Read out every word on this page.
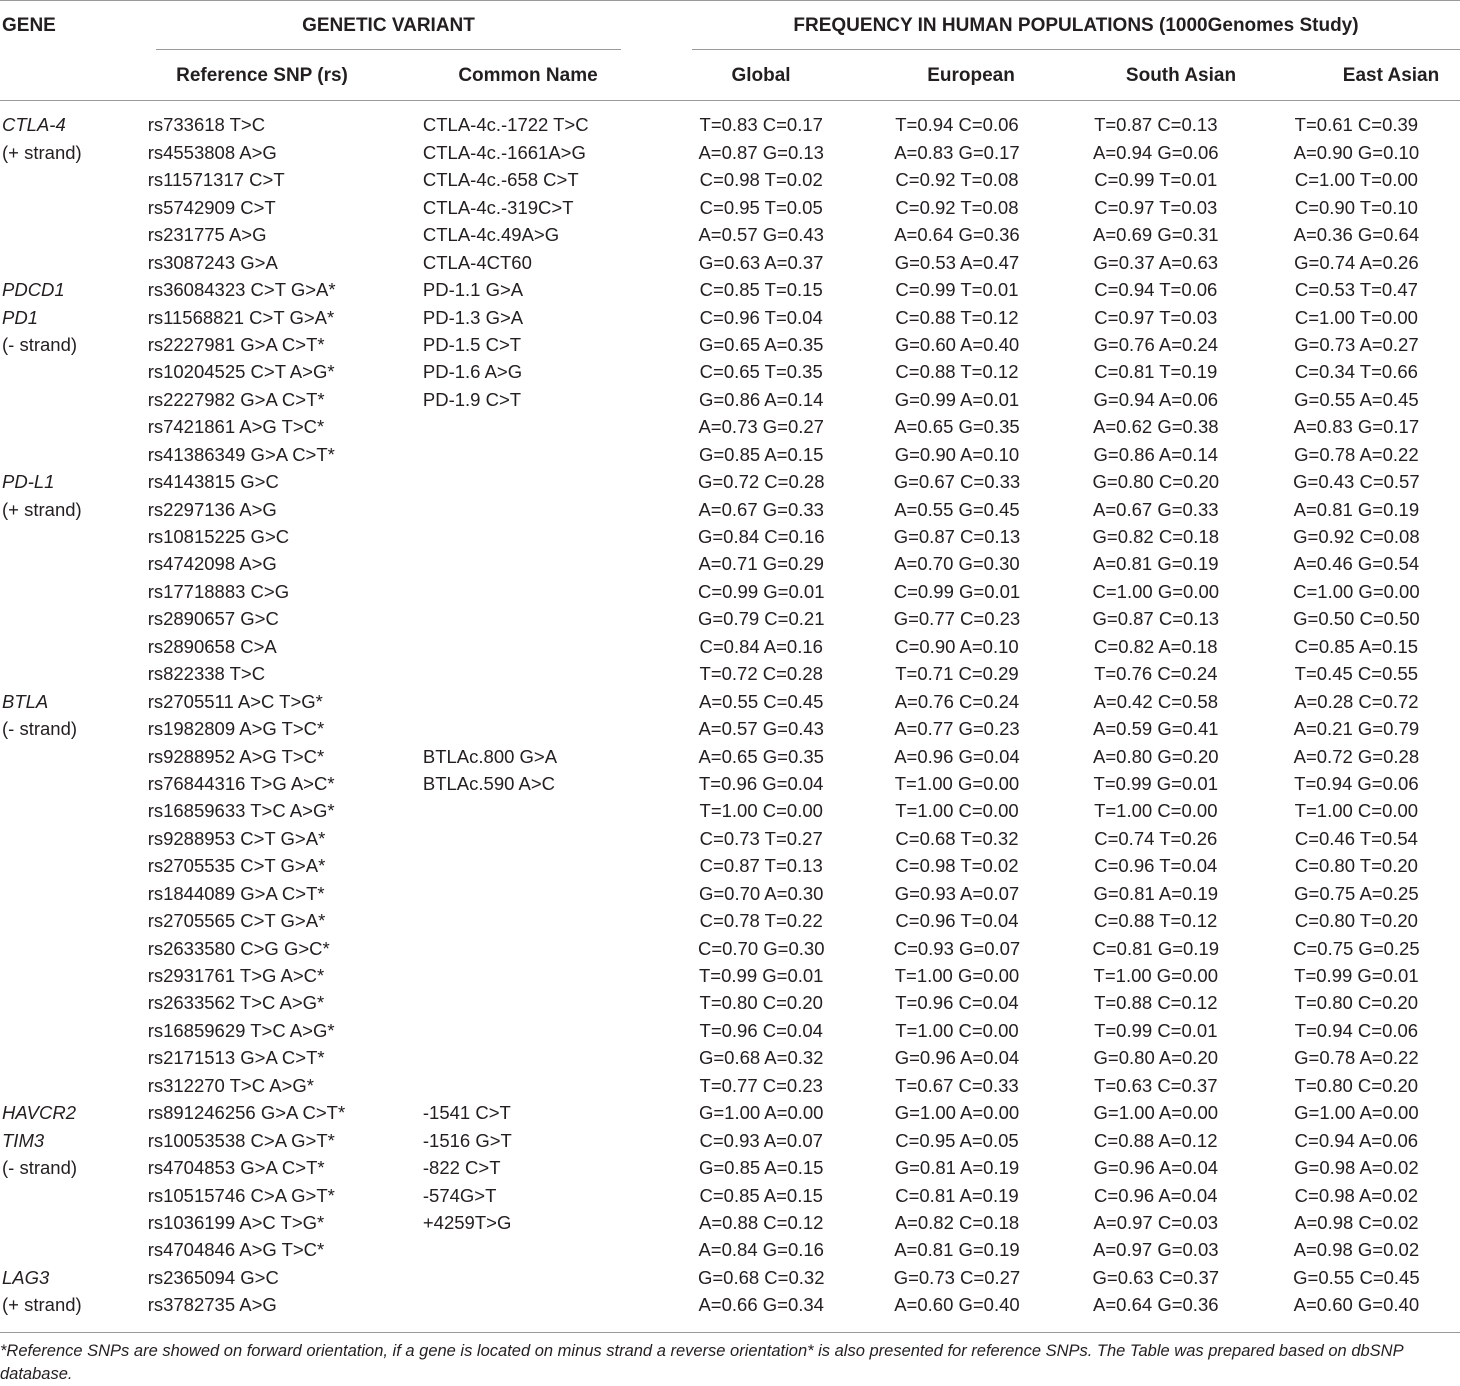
GENE	GENETIC VARIANT	FREQUENCY IN HUMAN POPULATIONS (1000Genomes Study)
Reference SNP (rs)	Common Name	Global	European	South Asian	East Asian
CTLA-4	rs733618 T>C	CTLA-4c.-1722 T>C	T=0.83 C=0.17	T=0.94 C=0.06	T=0.87 C=0.13	T=0.61 C=0.39
(+ strand)	rs4553808 A>G	CTLA-4c.-1661A>G	A=0.87 G=0.13	A=0.83 G=0.17	A=0.94 G=0.06	A=0.90 G=0.10
	rs11571317 C>T	CTLA-4c.-658 C>T	C=0.98 T=0.02	C=0.92 T=0.08	C=0.99 T=0.01	C=1.00 T=0.00
	rs5742909 C>T	CTLA-4c.-319C>T	C=0.95 T=0.05	C=0.92 T=0.08	C=0.97 T=0.03	C=0.90 T=0.10
	rs231775 A>G	CTLA-4c.49A>G	A=0.57 G=0.43	A=0.64 G=0.36	A=0.69 G=0.31	A=0.36 G=0.64
	rs3087243 G>A	CTLA-4CT60	G=0.63 A=0.37	G=0.53 A=0.47	G=0.37 A=0.63	G=0.74 A=0.26
PDCD1	rs36084323 C>T G>A*	PD-1.1 G>A	C=0.85 T=0.15	C=0.99 T=0.01	C=0.94 T=0.06	C=0.53 T=0.47
PD1	rs11568821 C>T G>A*	PD-1.3 G>A	C=0.96 T=0.04	C=0.88 T=0.12	C=0.97 T=0.03	C=1.00 T=0.00
(- strand)	rs2227981 G>A C>T*	PD-1.5 C>T	G=0.65 A=0.35	G=0.60 A=0.40	G=0.76 A=0.24	G=0.73 A=0.27
	rs10204525 C>T A>G*	PD-1.6 A>G	C=0.65 T=0.35	C=0.88 T=0.12	C=0.81 T=0.19	C=0.34 T=0.66
	rs2227982 G>A C>T*	PD-1.9 C>T	G=0.86 A=0.14	G=0.99 A=0.01	G=0.94 A=0.06	G=0.55 A=0.45
	rs7421861 A>G T>C*		A=0.73 G=0.27	A=0.65 G=0.35	A=0.62 G=0.38	A=0.83 G=0.17
	rs41386349 G>A C>T*		G=0.85 A=0.15	G=0.90 A=0.10	G=0.86 A=0.14	G=0.78 A=0.22
PD-L1	rs4143815 G>C		G=0.72 C=0.28	G=0.67 C=0.33	G=0.80 C=0.20	G=0.43 C=0.57
(+ strand)	rs2297136 A>G		A=0.67 G=0.33	A=0.55 G=0.45	A=0.67 G=0.33	A=0.81 G=0.19
	rs10815225 G>C		G=0.84 C=0.16	G=0.87 C=0.13	G=0.82 C=0.18	G=0.92 C=0.08
	rs4742098 A>G		A=0.71 G=0.29	A=0.70 G=0.30	A=0.81 G=0.19	A=0.46 G=0.54
	rs17718883 C>G		C=0.99 G=0.01	C=0.99 G=0.01	C=1.00 G=0.00	C=1.00 G=0.00
	rs2890657 G>C		G=0.79 C=0.21	G=0.77 C=0.23	G=0.87 C=0.13	G=0.50 C=0.50
	rs2890658 C>A		C=0.84 A=0.16	C=0.90 A=0.10	C=0.82 A=0.18	C=0.85 A=0.15
	rs822338 T>C		T=0.72 C=0.28	T=0.71 C=0.29	T=0.76 C=0.24	T=0.45 C=0.55
BTLA	rs2705511 A>C T>G*		A=0.55 C=0.45	A=0.76 C=0.24	A=0.42 C=0.58	A=0.28 C=0.72
(- strand)	rs1982809 A>G T>C*		A=0.57 G=0.43	A=0.77 G=0.23	A=0.59 G=0.41	A=0.21 G=0.79
	rs9288952 A>G T>C*	BTLAc.800 G>A	A=0.65 G=0.35	A=0.96 G=0.04	A=0.80 G=0.20	A=0.72 G=0.28
	rs76844316 T>G A>C*	BTLAc.590 A>C	T=0.96 G=0.04	T=1.00 G=0.00	T=0.99 G=0.01	T=0.94 G=0.06
	rs16859633 T>C A>G*		T=1.00 C=0.00	T=1.00 C=0.00	T=1.00 C=0.00	T=1.00 C=0.00
	rs9288953 C>T G>A*		C=0.73 T=0.27	C=0.68 T=0.32	C=0.74 T=0.26	C=0.46 T=0.54
	rs2705535 C>T G>A*		C=0.87 T=0.13	C=0.98 T=0.02	C=0.96 T=0.04	C=0.80 T=0.20
	rs1844089 G>A C>T*		G=0.70 A=0.30	G=0.93 A=0.07	G=0.81 A=0.19	G=0.75 A=0.25
	rs2705565 C>T G>A*		C=0.78 T=0.22	C=0.96 T=0.04	C=0.88 T=0.12	C=0.80 T=0.20
	rs2633580 C>G G>C*		C=0.70 G=0.30	C=0.93 G=0.07	C=0.81 G=0.19	C=0.75 G=0.25
	rs2931761 T>G A>C*		T=0.99 G=0.01	T=1.00 G=0.00	T=1.00 G=0.00	T=0.99 G=0.01
	rs2633562 T>C A>G*		T=0.80 C=0.20	T=0.96 C=0.04	T=0.88 C=0.12	T=0.80 C=0.20
	rs16859629 T>C A>G*		T=0.96 C=0.04	T=1.00 C=0.00	T=0.99 C=0.01	T=0.94 C=0.06
	rs2171513 G>A C>T*		G=0.68 A=0.32	G=0.96 A=0.04	G=0.80 A=0.20	G=0.78 A=0.22
	rs312270 T>C A>G*		T=0.77 C=0.23	T=0.67 C=0.33	T=0.63 C=0.37	T=0.80 C=0.20
HAVCR2	rs891246256 G>A C>T*	-1541 C>T	G=1.00 A=0.00	G=1.00 A=0.00	G=1.00 A=0.00	G=1.00 A=0.00
TIM3	rs10053538 C>A G>T*	-1516 G>T	C=0.93 A=0.07	C=0.95 A=0.05	C=0.88 A=0.12	C=0.94 A=0.06
(- strand)	rs4704853 G>A C>T*	-822 C>T	G=0.85 A=0.15	G=0.81 A=0.19	G=0.96 A=0.04	G=0.98 A=0.02
	rs10515746 C>A G>T*	-574G>T	C=0.85 A=0.15	C=0.81 A=0.19	C=0.96 A=0.04	C=0.98 A=0.02
	rs1036199 A>C T>G*	+4259T>G	A=0.88 C=0.12	A=0.82 C=0.18	A=0.97 C=0.03	A=0.98 C=0.02
	rs4704846 A>G T>C*		A=0.84 G=0.16	A=0.81 G=0.19	A=0.97 G=0.03	A=0.98 G=0.02
LAG3	rs2365094 G>C		G=0.68 C=0.32	G=0.73 C=0.27	G=0.63 C=0.37	G=0.55 C=0.45
(+ strand)	rs3782735 A>G		A=0.66 G=0.34	A=0.60 G=0.40	A=0.64 G=0.36	A=0.60 G=0.40
*Reference SNPs are showed on forward orientation, if a gene is located on minus strand a reverse orientation* is also presented for reference SNPs. The Table was prepared based on dbSNP database.
